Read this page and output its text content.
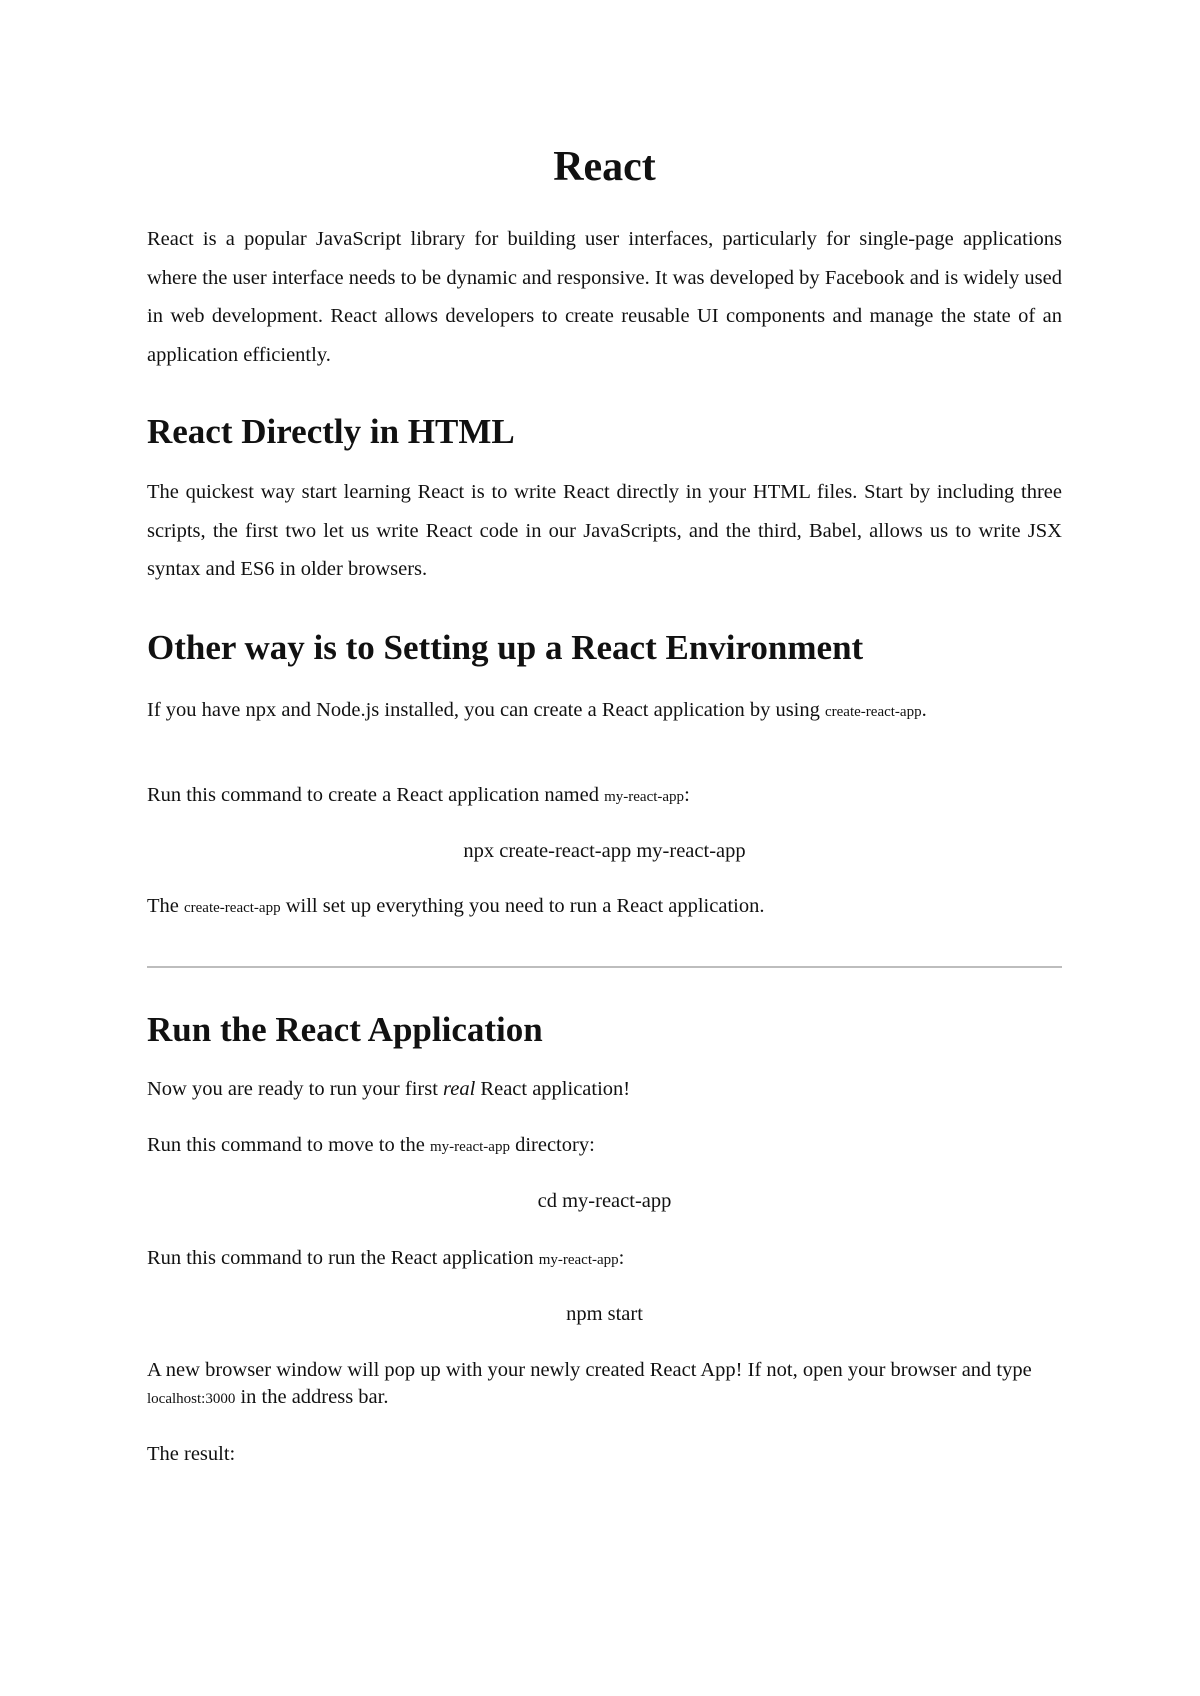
React

React is a popular JavaScript library for building user interfaces, particularly for single-page applications where the user interface needs to be dynamic and responsive. It was developed by Facebook and is widely used in web development. React allows developers to create reusable UI components and manage the state of an application efficiently.

React Directly in HTML

The quickest way start learning React is to write React directly in your HTML files. Start by including three scripts, the first two let us write React code in our JavaScripts, and the third, Babel, allows us to write JSX syntax and ES6 in older browsers.

Other way is to Setting up a React Environment

If you have npx and Node.js installed, you can create a React application by using create-react-app.

Run this command to create a React application named my-react-app:

npx create-react-app my-react-app

The create-react-app will set up everything you need to run a React application.

Run the React Application

Now you are ready to run your first real React application!

Run this command to move to the my-react-app directory:

cd my-react-app

Run this command to run the React application my-react-app:

npm start

A new browser window will pop up with your newly created React App! If not, open your browser and type localhost:3000 in the address bar.

The result:
